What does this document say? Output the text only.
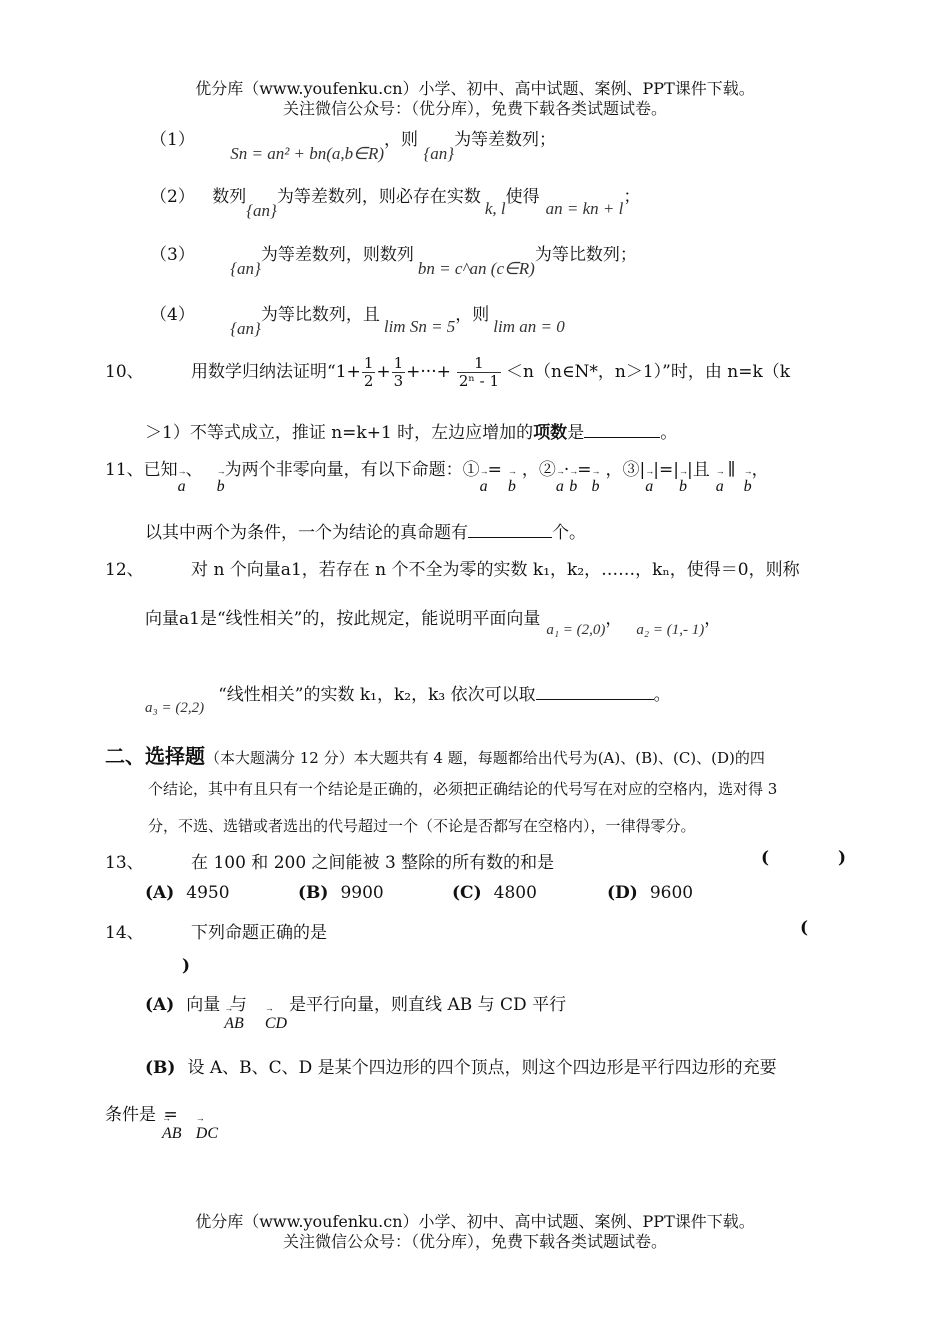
优分库（www.youfenku.cn）小学、初中、高中试题、案例、PPT课件下载。
关注微信公众号：（优分库），免费下载各类试题试卷。
（1） Sn = an² + bn(a,b∈R)，则 {an}为等差数列；
（2） 数列{an}为等差数列，则必存在实数k, l使得an = kn + l；
（3） {an}为等差数列，则数列bn = c^an (c∈R)为等比数列；
（4） {an}为等比数列，且lim Sn = 5，则lim an = 0
10、	用数学归纳法证明“$1+ \frac{1}{2} + \frac{1}{3}$ +···+ $\frac{1}{\text{2ⁿ - 1}}$ ＜n（n∈N*，n＞1）”时，由 n=k（k
＞1）不等式成立，推证 n=k+1 时，左边应增加的项数是	。
11、已知→ a、→ b为两个非零向量，有以下命题：①→ a=→ b，②→ a·→ b=→ b，③|→ a|=|→ b|且→ a∥→ b，
以其中两个为条件，一个为结论的真命题有	个。
12、	对 n 个向量a1，若存在 n 个不全为零的实数 k₁，k₂，……，kₙ，使得＝0，则称
向量a1是“线性相关”的，按此规定，能说明平面向量a₁ = (2,0)，a₂ = (1,- 1)，
a₃ = (2,2)“线性相关”的实数 k₁，k₂，k₃ 依次可以取	。
二、选择题（本大题满分 12 分）本大题共有 4 题，每题都给出代号为(A)、(B)、(C)、(D)的四
个结论，其中有且只有一个结论是正确的，必须把正确结论的代号写在对应的空格内，选对得 3
分，不选、选错或者选出的代号超过一个（不论是否都写在空格内），一律得零分。
13、	在 100 和 200 之间能被 3 整除的所有数的和是	(	)
(A) 4950	(B) 9900	(C) 4800	(D) 9600
14、	下列命题正确的是	(
)
(A) 向量→ AB与→ CD是平行向量，则直线 AB 与 CD 平行
(B) 设 A、B、C、D 是某个四边形的四个顶点，则这个四边形是平行四边形的充要
条件是→ AB=→ DC
优分库（www.youfenku.cn）小学、初中、高中试题、案例、PPT课件下载。
关注微信公众号：（优分库），免费下载各类试题试卷。
